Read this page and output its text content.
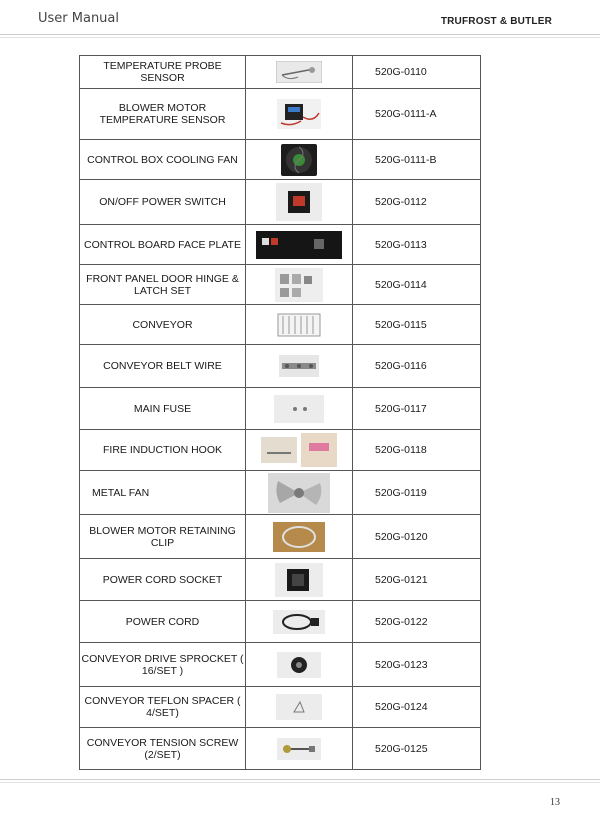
User Manual	TRUFROST & BUTLER
TEMPERATURE PROBE SENSOR		520G-0110
BLOWER MOTOR TEMPERATURE SENSOR		520G-0111-A
CONTROL BOX COOLING FAN		520G-0111-B
ON/OFF POWER SWITCH		520G-0112
CONTROL BOARD FACE PLATE		520G-0113
FRONT PANEL DOOR HINGE & LATCH SET		520G-0114
CONVEYOR		520G-0115
CONVEYOR BELT WIRE		520G-0116
MAIN FUSE		520G-0117
FIRE INDUCTION HOOK		520G-0118
METAL FAN		520G-0119
BLOWER MOTOR RETAINING CLIP		520G-0120
POWER CORD SOCKET		520G-0121
POWER CORD		520G-0122
CONVEYOR DRIVE SPROCKET ( 16/SET )		520G-0123
CONVEYOR TEFLON SPACER ( 4/SET)		520G-0124
CONVEYOR TENSION SCREW (2/SET)		520G-0125
13
